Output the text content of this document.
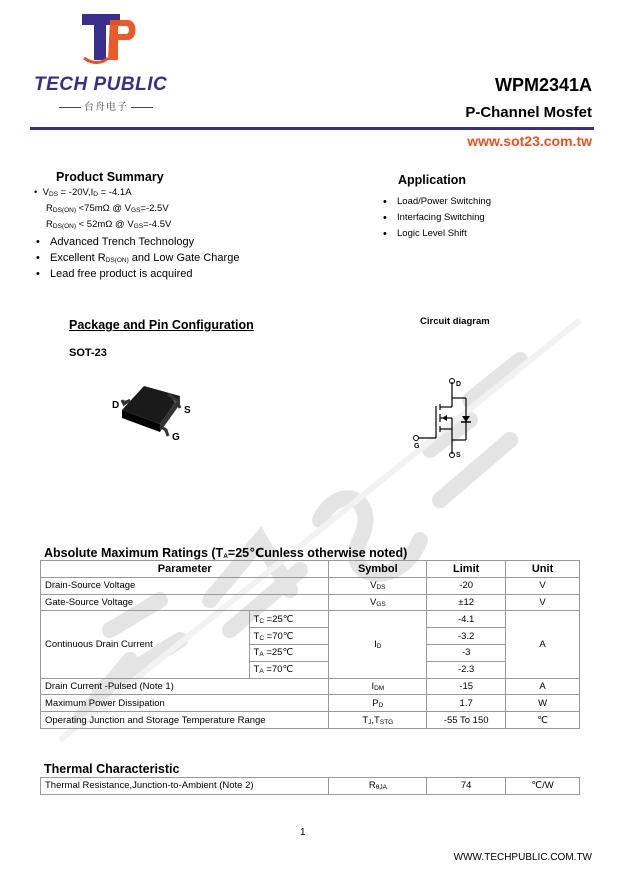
TECH PUBLIC
台舟电子
WPM2341A
P-Channel Mosfet
www.sot23.com.tw
Product Summary
•  VDS = -20V,ID = -4.1A
RDS(ON) <75mΩ @ VGS=-2.5V
RDS(ON) < 52mΩ @ VGS=-4.5V
• Advanced Trench Technology
• Excellent RDS(ON) and Low Gate Charge
• Lead free product is acquired
Application
• Load/Power Switching
• Interfacing Switching
• Logic Level Shift
Package and Pin Configuration
SOT-23
D	S
G
Circuit diagram
D
G
S
Absolute Maximum Ratings (TA=25℃unless otherwise noted)
Parameter		Symbol	Limit	Unit
Drain-Source Voltage		VDS	-20	V
Gate-Source Voltage		VGS	±12	V
Continuous Drain Current	TC =25℃	ID	-4.1	A
	TC =70℃		-3.2	
	TA =25℃		-3	
	TA =70℃		-2.3	
Drain Current -Pulsed (Note 1)		IDM	-15	A
Maximum Power Dissipation		PD	1.7	W
Operating Junction and Storage Temperature Range		TJ,TSTG	-55 To 150	℃
Thermal Characteristic
Thermal Resistance,Junction-to-Ambient (Note 2)	RθJA	74	℃/W
1
WWW.TECHPUBLIC.COM.TW
